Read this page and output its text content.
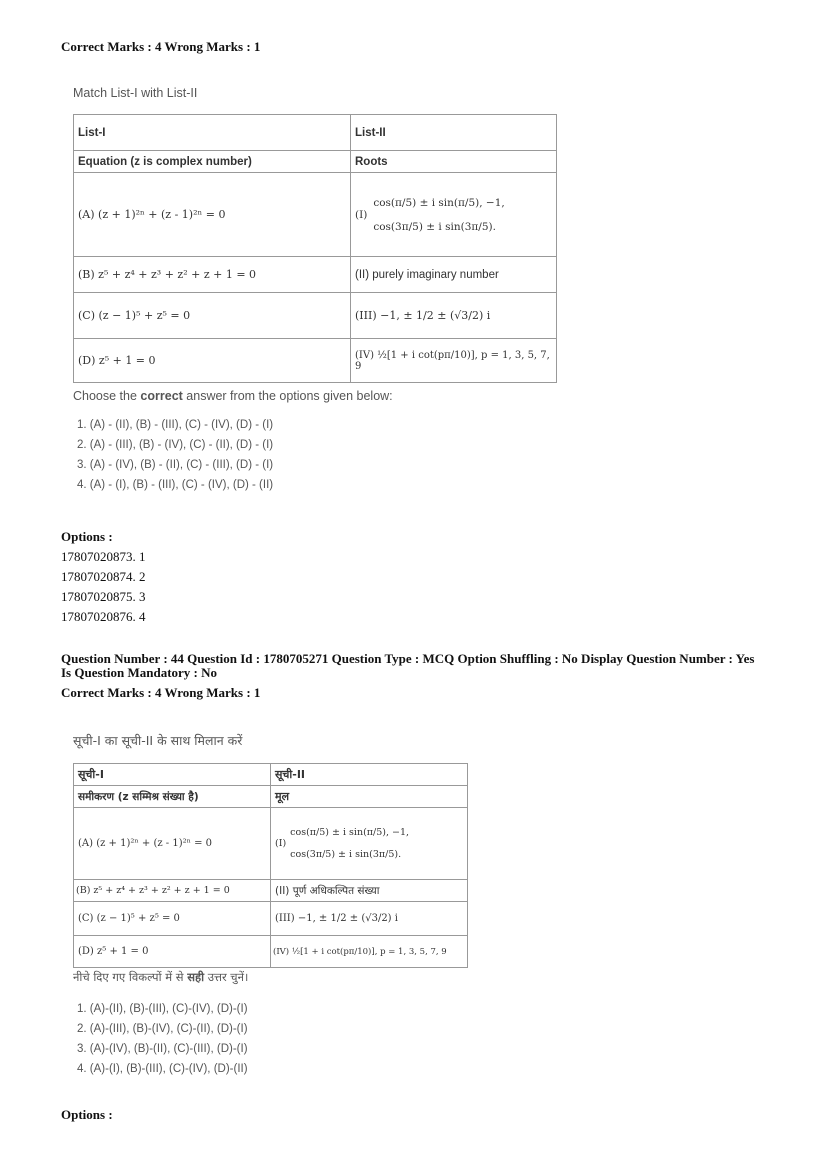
Correct Marks : 4 Wrong Marks : 1
Match List-I with List-II
List-I	List-II
Equation (z is complex number)	Roots
(A) (z + 1)²ⁿ + (z - 1)²ⁿ = 0	(I)
cos(π/5) ± i sin(π/5), −1,
cos(3π/5) ± i sin(3π/5).

(B) z⁵ + z⁴ + z³ + z² + z + 1 = 0	(II) purely imaginary number
(C) (z − 1)⁵ + z⁵ = 0	(III) −1, ± 1/2 ± (√3/2) i
(D) z⁵ + 1 = 0	(IV) ½[1 + i cot(pπ/10)], p = 1, 3, 5, 7, 9
Choose the correct answer from the options given below:
1. (A) - (II), (B) - (III), (C) - (IV), (D) - (I)
2. (A) - (III), (B) - (IV), (C) - (II), (D) - (I)
3. (A) - (IV), (B) - (II), (C) - (III), (D) - (I)
4. (A) - (I), (B) - (III), (C) - (IV), (D) - (II)
Options :
17807020873. 1
17807020874. 2
17807020875. 3
17807020876. 4
Question Number : 44 Question Id : 1780705271 Question Type : MCQ Option Shuffling : No Display Question Number : Yes
Is Question Mandatory : No
Correct Marks : 4 Wrong Marks : 1
सूची-I का सूची-II के साथ मिलान करें
सूची-I	सूची-II
समीकरण (z सम्मिश्र संख्या है)	मूल
(A) (z + 1)²ⁿ + (z - 1)²ⁿ = 0	(I)
cos(π/5) ± i sin(π/5), −1,
cos(3π/5) ± i sin(3π/5).

(B) z⁵ + z⁴ + z³ + z² + z + 1 = 0	(II) पूर्ण अधिकल्पित संख्या
(C) (z − 1)⁵ + z⁵ = 0	(III) −1, ± 1/2 ± (√3/2) i
(D) z⁵ + 1 = 0	(IV) ½[1 + i cot(pπ/10)], p = 1, 3, 5, 7, 9
नीचे दिए गए विकल्पों में से सही उत्तर चुनें।
1. (A)-(II), (B)-(III), (C)-(IV), (D)-(I)
2. (A)-(III), (B)-(IV), (C)-(II), (D)-(I)
3. (A)-(IV), (B)-(II), (C)-(III), (D)-(I)
4. (A)-(I), (B)-(III), (C)-(IV), (D)-(II)
Options :
